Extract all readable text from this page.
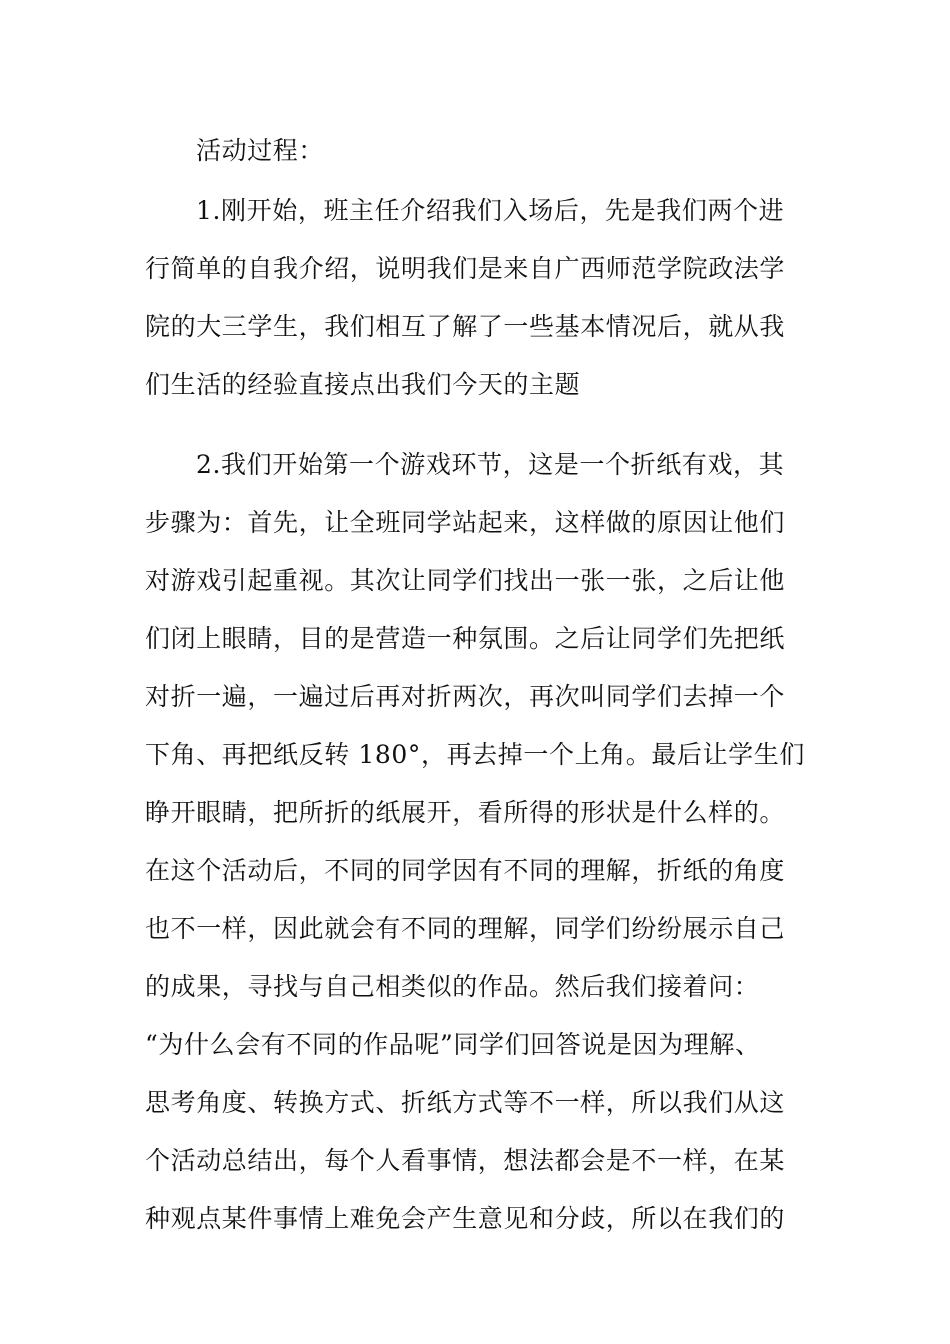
活动过程：
1.刚开始，班主任介绍我们入场后，先是我们两个进
行简单的自我介绍，说明我们是来自广西师范学院政法学
院的大三学生，我们相互了解了一些基本情况后，就从我
们生活的经验直接点出我们今天的主题
2.我们开始第一个游戏环节，这是一个折纸有戏，其
步骤为：首先，让全班同学站起来，这样做的原因让他们
对游戏引起重视。其次让同学们找出一张一张，之后让他
们闭上眼睛，目的是营造一种氛围。之后让同学们先把纸
对折一遍，一遍过后再对折两次，再次叫同学们去掉一个
下角、再把纸反转 180°，再去掉一个上角。最后让学生们
睁开眼睛，把所折的纸展开，看所得的形状是什么样的。
在这个活动后，不同的同学因有不同的理解，折纸的角度
也不一样，因此就会有不同的理解，同学们纷纷展示自己
的成果，寻找与自己相类似的作品。然后我们接着问：
“为什么会有不同的作品呢”同学们回答说是因为理解、
思考角度、转换方式、折纸方式等不一样，所以我们从这
个活动总结出，每个人看事情，想法都会是不一样，在某
种观点某件事情上难免会产生意见和分歧，所以在我们的
